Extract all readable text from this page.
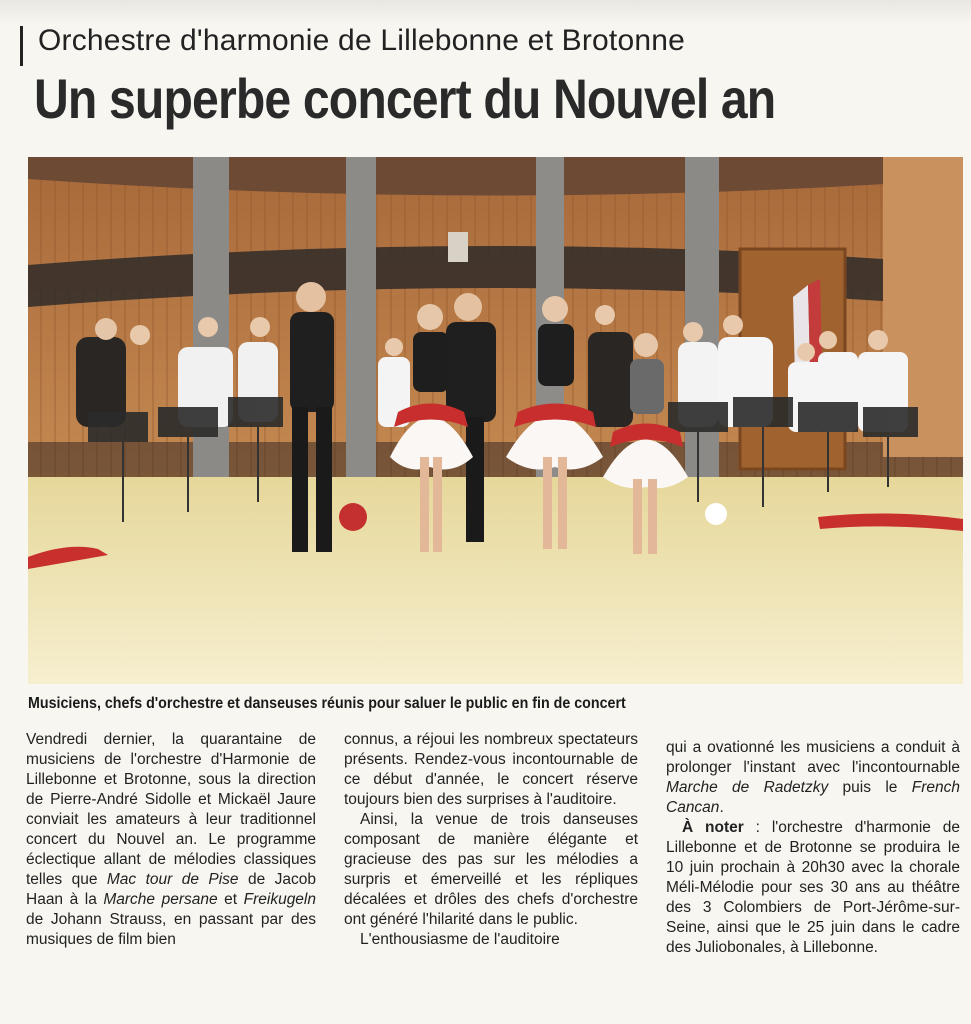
Orchestre d'harmonie de Lillebonne et Brotonne
Un superbe concert du Nouvel an
Musiciens, chefs d'orchestre et danseuses réunis pour saluer le public en fin de concert

Vendredi dernier, la quarantaine de musiciens de l'orchestre d'Harmonie de Lillebonne et Brotonne, sous la direction de Pierre-André Sidolle et Mickaël Jaure conviait les amateurs à leur traditionnel concert du Nouvel an. Le programme éclectique allant de mélodies classiques telles que Mac tour de Pise de Jacob Haan à la Marche persane et Freikugeln de Johann Strauss, en passant par des musiques de film bien

connus, a réjoui les nombreux spectateurs présents. Rendez-vous incontournable de ce début d'année, le concert réserve toujours bien des surprises à l'auditoire.

Ainsi, la venue de trois danseuses composant de manière élégante et gracieuse des pas sur les mélodies a surpris et émerveillé et les répliques décalées et drôles des chefs d'orchestre ont généré l'hilarité dans le public.

L'enthousiasme de l'auditoire

qui a ovationné les musiciens a conduit à prolonger l'instant avec l'incontournable Marche de Radetzky puis le French Cancan.

À noter : l'orchestre d'harmonie de Lillebonne et de Brotonne se produira le 10 juin prochain à 20h30 avec la chorale Méli-Mélodie pour ses 30 ans au théâtre des 3 Colombiers de Port-Jérôme-sur-Seine, ainsi que le 25 juin dans le cadre des Juliobonales, à Lillebonne.
